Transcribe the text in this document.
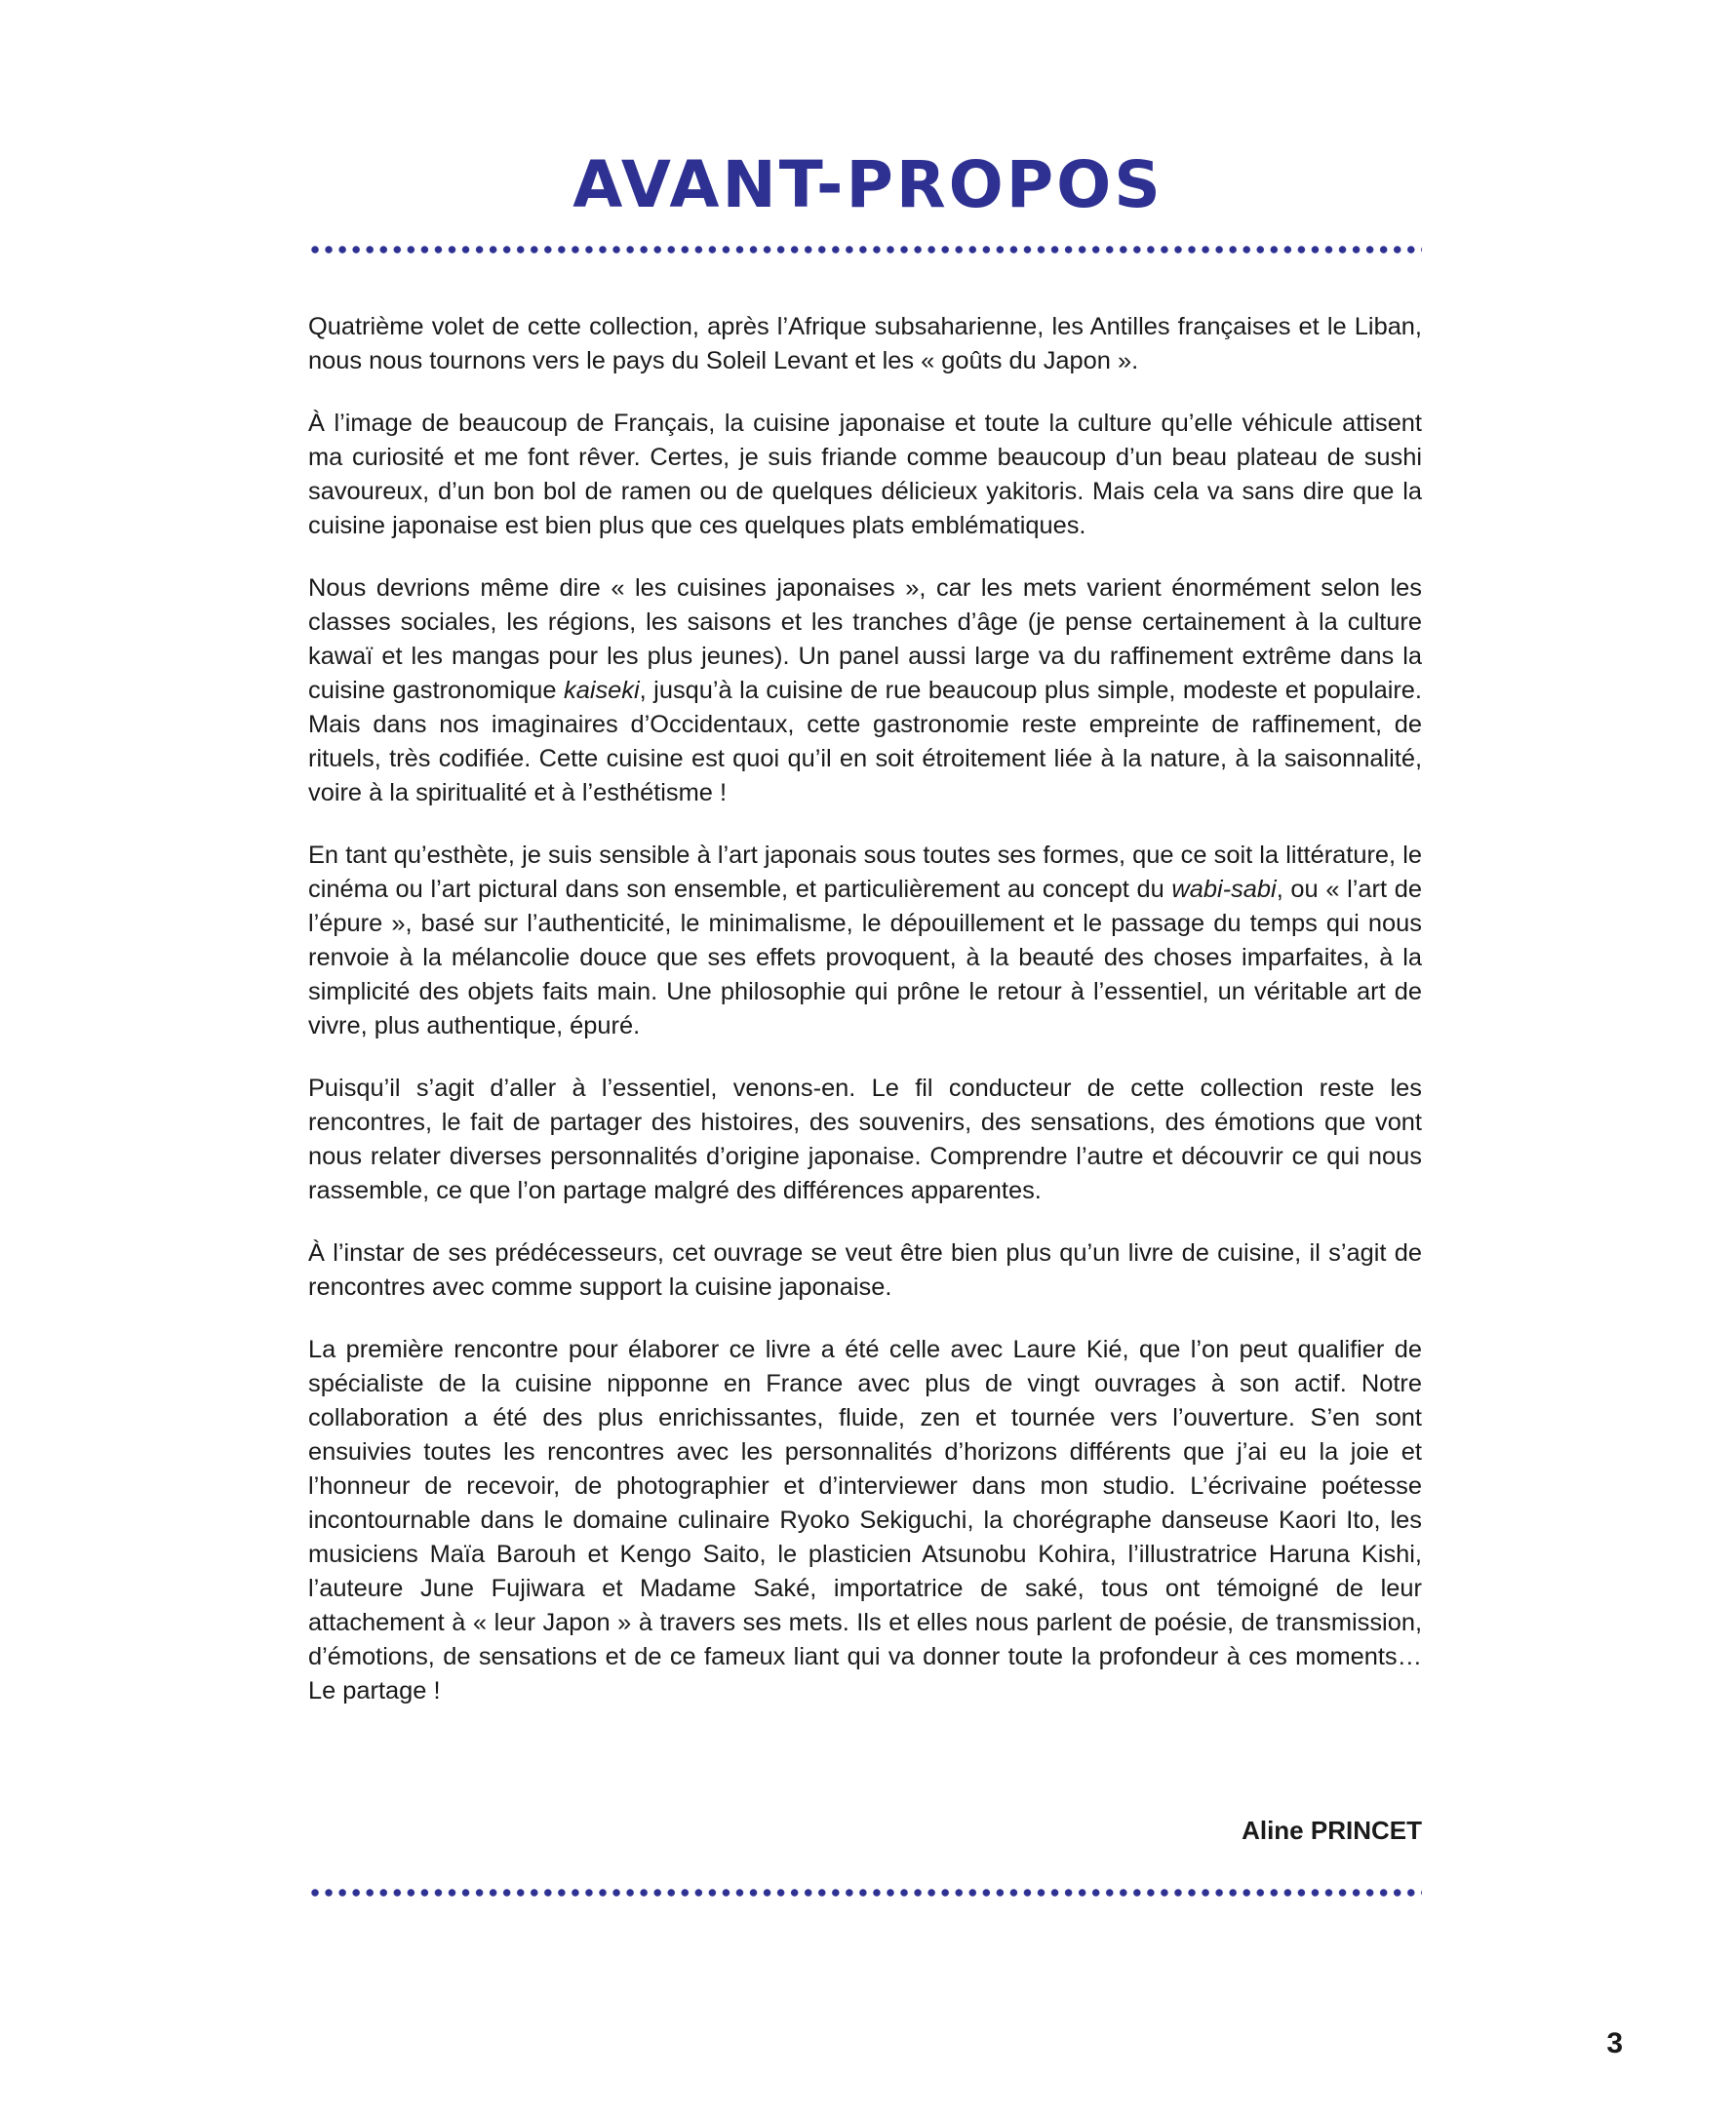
AVANT-PROPOS

Quatrième volet de cette collection, après l’Afrique subsaharienne, les Antilles françaises et le Liban, nous nous tournons vers le pays du Soleil Levant et les « goûts du Japon ».

À l’image de beaucoup de Français, la cuisine japonaise et toute la culture qu’elle véhicule attisent ma curiosité et me font rêver. Certes, je suis friande comme beaucoup d’un beau plateau de sushi savoureux, d’un bon bol de ramen ou de quelques délicieux yakitoris. Mais cela va sans dire que la cuisine japonaise est bien plus que ces quelques plats emblématiques.

Nous devrions même dire « les cuisines japonaises », car les mets varient énormément selon les classes sociales, les régions, les saisons et les tranches d’âge (je pense certainement à la culture kawaï et les mangas pour les plus jeunes). Un panel aussi large va du raffinement extrême dans la cuisine gastronomique kaiseki, jusqu’à la cuisine de rue beaucoup plus simple, modeste et populaire. Mais dans nos imaginaires d’Occidentaux, cette gastronomie reste empreinte de raffinement, de rituels, très codifiée. Cette cuisine est quoi qu’il en soit étroitement liée à la nature, à la saisonnalité, voire à la spiritualité et à l’esthétisme !

En tant qu’esthète, je suis sensible à l’art japonais sous toutes ses formes, que ce soit la littérature, le cinéma ou l’art pictural dans son ensemble, et particulièrement au concept du wabi-sabi, ou « l’art de l’épure », basé sur l’authenticité, le minimalisme, le dépouillement et le passage du temps qui nous renvoie à la mélancolie douce que ses effets provoquent, à la beauté des choses imparfaites, à la simplicité des objets faits main. Une philosophie qui prône le retour à l’essentiel, un véritable art de vivre, plus authentique, épuré.

Puisqu’il s’agit d’aller à l’essentiel, venons-en. Le fil conducteur de cette collection reste les rencontres, le fait de partager des histoires, des souvenirs, des sensations, des émotions que vont nous relater diverses personnalités d’origine japonaise. Comprendre l’autre et découvrir ce qui nous rassemble, ce que l’on partage malgré des différences apparentes.

À l’instar de ses prédécesseurs, cet ouvrage se veut être bien plus qu’un livre de cuisine, il s’agit de rencontres avec comme support la cuisine japonaise.

La première rencontre pour élaborer ce livre a été celle avec Laure Kié, que l’on peut qualifier de spécialiste de la cuisine nipponne en France avec plus de vingt ouvrages à son actif. Notre collaboration a été des plus enrichissantes, fluide, zen et tournée vers l’ouverture. S’en sont ensuivies toutes les rencontres avec les personnalités d’horizons différents que j’ai eu la joie et l’honneur de recevoir, de photographier et d’interviewer dans mon studio. L’écrivaine poétesse incontournable dans le domaine culinaire Ryoko Sekiguchi, la chorégraphe danseuse Kaori Ito, les musiciens Maïa Barouh et Kengo Saito, le plasticien Atsunobu Kohira, l’illustratrice Haruna Kishi, l’auteure June Fujiwara et Madame Saké, importatrice de saké, tous ont témoigné de leur attachement à « leur Japon » à travers ses mets. Ils et elles nous parlent de poésie, de transmission, d’émotions, de sensations et de ce fameux liant qui va donner toute la profondeur à ces moments… Le partage !

Aline PRINCET
3
